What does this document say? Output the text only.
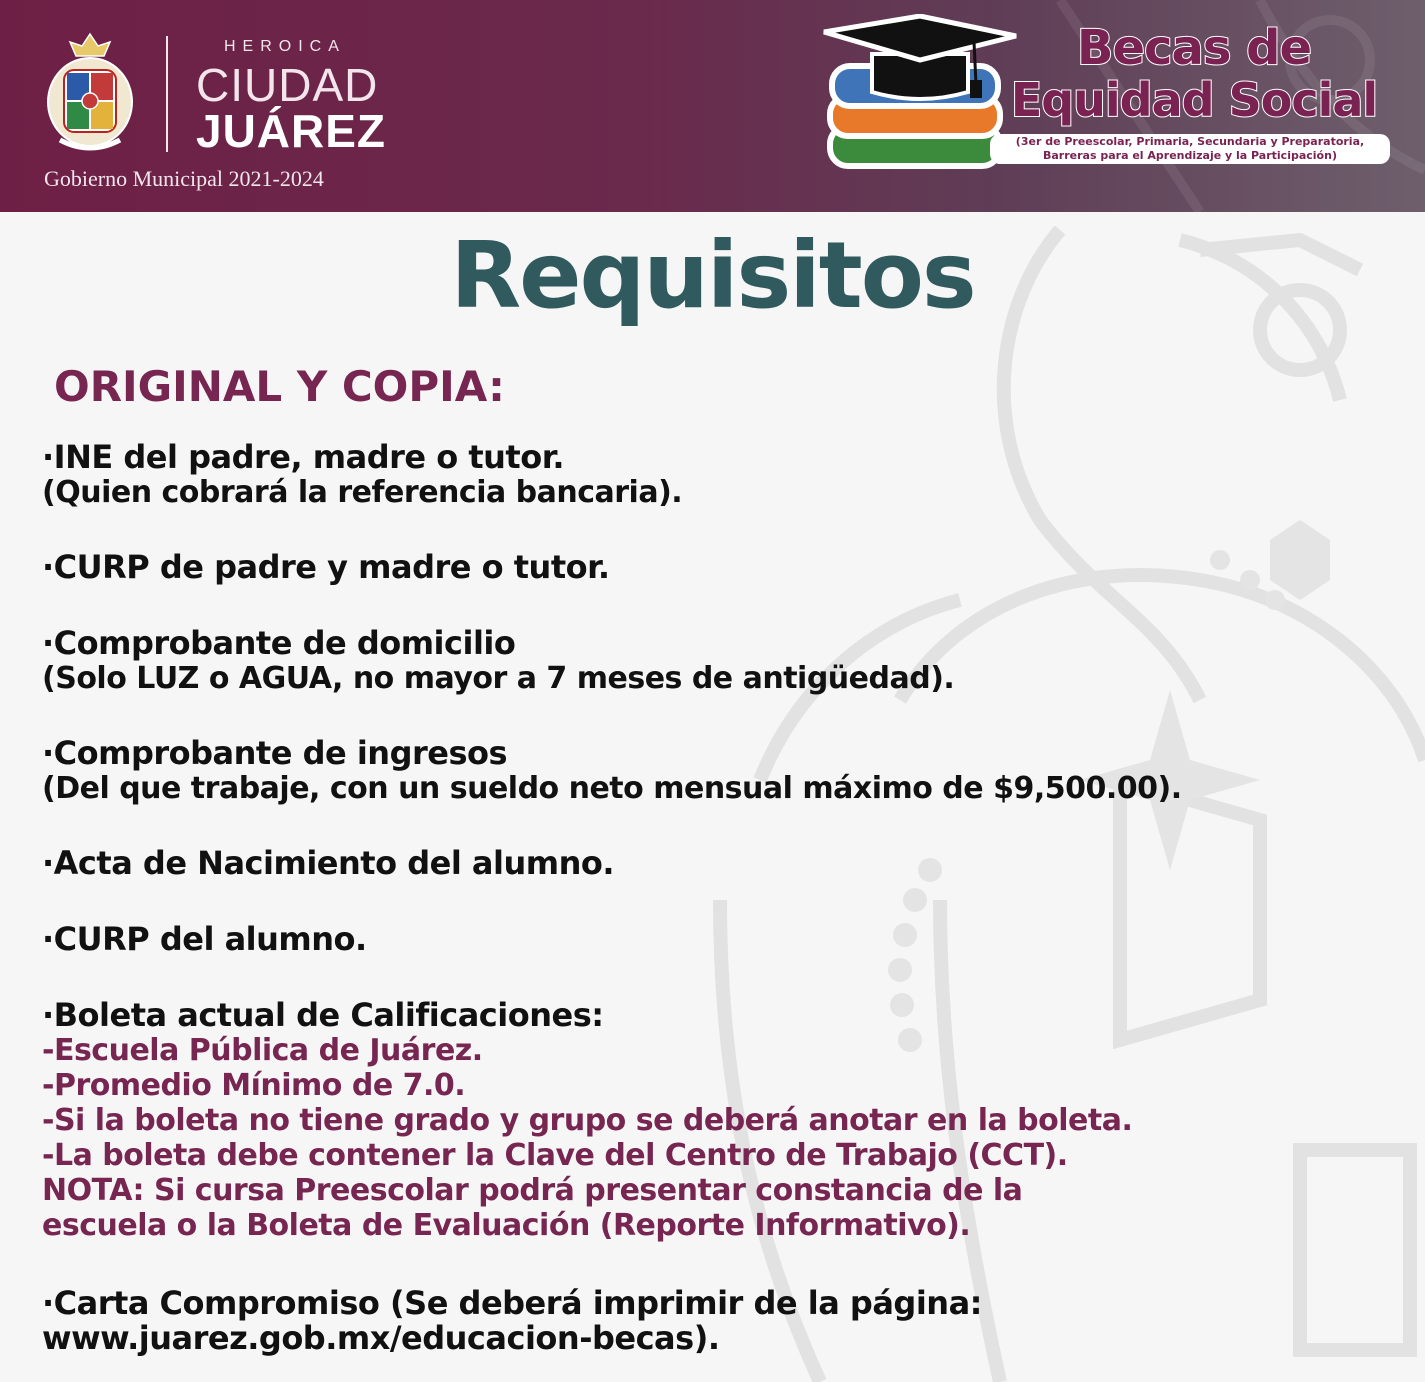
HEROICA
CIUDAD
JUÁREZ
Gobierno Municipal 2021-2024
Becas de
Equidad Social
(3er de Preescolar, Primaria, Secundaria y Preparatoria,
Barreras para el Aprendizaje y la Participación)
Requisitos
ORIGINAL Y COPIA:
·INE del padre, madre o tutor.
(Quien cobrará la referencia bancaria).
·CURP de padre y madre o tutor.
·Comprobante de domicilio
(Solo LUZ o AGUA, no mayor a 7 meses de antigüedad).
·Comprobante de ingresos
(Del que trabaje, con un sueldo neto mensual máximo de $9,500.00).
·Acta de Nacimiento del alumno.
·CURP del alumno.
·Boleta actual de Calificaciones:
-Escuela Pública de Juárez.
-Promedio Mínimo de 7.0.
-Si la boleta no tiene grado y grupo se deberá anotar en la boleta.
-La boleta debe contener la Clave del Centro de Trabajo (CCT).
NOTA: Si cursa Preescolar podrá presentar constancia de la
escuela o la Boleta de Evaluación (Reporte Informativo).
·Carta Compromiso (Se deberá imprimir de la página:
www.juarez.gob.mx/educacion-becas).
